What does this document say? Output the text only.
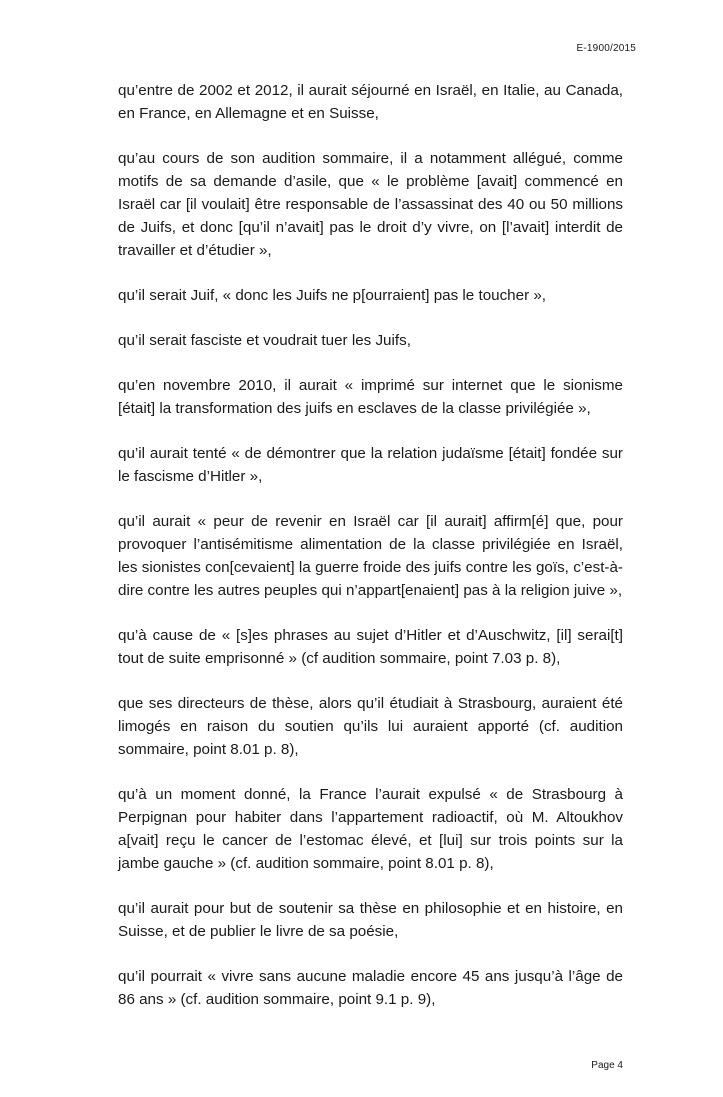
E-1900/2015

qu’entre de 2002 et 2012, il aurait séjourné en Israël, en Italie, au Canada, en France, en Allemagne et en Suisse,

qu’au cours de son audition sommaire, il a notamment allégué, comme motifs de sa demande d’asile, que « le problème [avait] commencé en Israël car [il voulait] être responsable de l’assassinat des 40 ou 50 millions de Juifs, et donc [qu’il n’avait] pas le droit d’y vivre, on [l’avait] interdit de travailler et d’étudier »,

qu’il serait Juif, « donc les Juifs ne p[ourraient] pas le toucher »,

qu’il serait fasciste et voudrait tuer les Juifs,

qu’en novembre 2010, il aurait « imprimé sur internet que le sionisme [était] la transformation des juifs en esclaves de la classe privilégiée »,

qu’il aurait tenté « de démontrer que la relation judaïsme [était] fondée sur le fascisme d’Hitler »,

qu’il aurait « peur de revenir en Israël car [il aurait] affirm[é] que, pour provoquer l’antisémitisme alimentation de la classe privilégiée en Israël, les sionistes con[cevaient] la guerre froide des juifs contre les goïs, c’est-à-dire contre les autres peuples qui n’appart[enaient] pas à la religion juive »,

qu’à cause de « [s]es phrases au sujet d’Hitler et d’Auschwitz, [il] serai[t] tout de suite emprisonné » (cf audition sommaire, point 7.03 p. 8),

que ses directeurs de thèse, alors qu’il étudiait à Strasbourg, auraient été limogés en raison du soutien qu’ils lui auraient apporté (cf. audition sommaire, point 8.01 p. 8),

qu’à un moment donné, la France l’aurait expulsé « de Strasbourg à Perpignan pour habiter dans l’appartement radioactif, où M. Altoukhov a[vait] reçu le cancer de l’estomac élevé, et [lui] sur trois points sur la jambe gauche » (cf. audition sommaire, point 8.01 p. 8),

qu’il aurait pour but de soutenir sa thèse en philosophie et en histoire, en Suisse, et de publier le livre de sa poésie,

qu’il pourrait « vivre sans aucune maladie encore 45 ans jusqu’à l’âge de 86 ans » (cf. audition sommaire, point 9.1 p. 9),

Page 4
